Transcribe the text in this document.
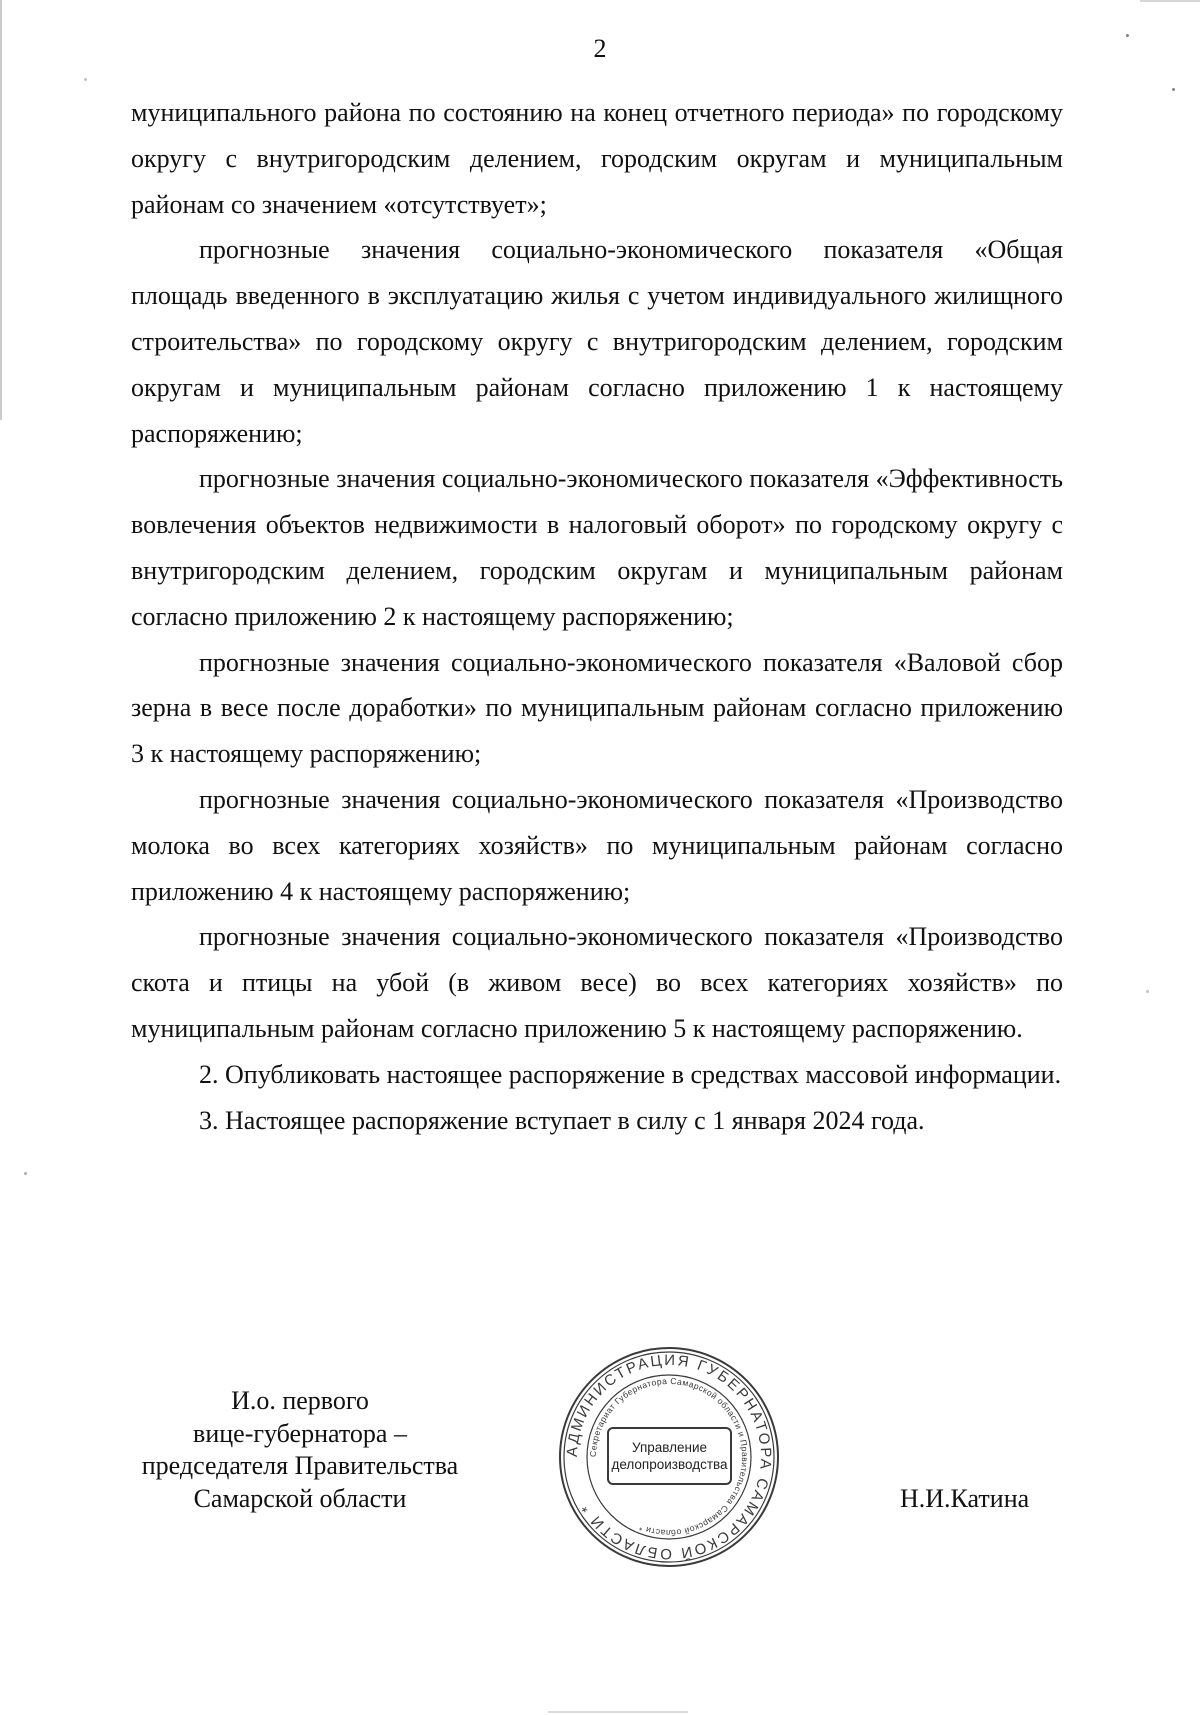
2

муниципального района по состоянию на конец отчетного периода» по городскому округу с внутригородским делением, городским округам и муниципальным районам со значением «отсутствует»;

прогнозные значения социально-экономического показателя «Общая площадь введенного в эксплуатацию жилья с учетом индивидуального жилищного строительства» по городскому округу с внутригородским делением, городским округам и муниципальным районам согласно приложению 1 к настоящему распоряжению;

прогнозные значения социально-экономического показателя «Эффективность вовлечения объектов недвижимости в налоговый оборот» по городскому округу с внутригородским делением, городским округам и муниципальным районам согласно приложению 2 к настоящему распоряжению;

прогнозные значения социально-экономического показателя «Валовой сбор зерна в весе после доработки» по муниципальным районам согласно приложению 3 к настоящему распоряжению;

прогнозные значения социально-экономического показателя «Производство молока во всех категориях хозяйств» по муниципальным районам согласно приложению 4 к настоящему распоряжению;

прогнозные значения социально-экономического показателя «Производство скота и птицы на убой (в живом весе) во всех категориях хозяйств» по муниципальным районам согласно приложению 5 к настоящему распоряжению.

2. Опубликовать настоящее распоряжение в средствах массовой информации.

3. Настоящее распоряжение вступает в силу с 1 января 2024 года.

И.о. первого
вице-губернатора –
председателя Правительства
Самарской области
АДМИНИСТРАЦИЯ ГУБЕРНАТОРА САМАРСКОЙ ОБЛАСТИ *
Секретариат Губернатора Самарской области и Правительства Самарской области *
Управление
делопроизводства
Н.И.Катина
